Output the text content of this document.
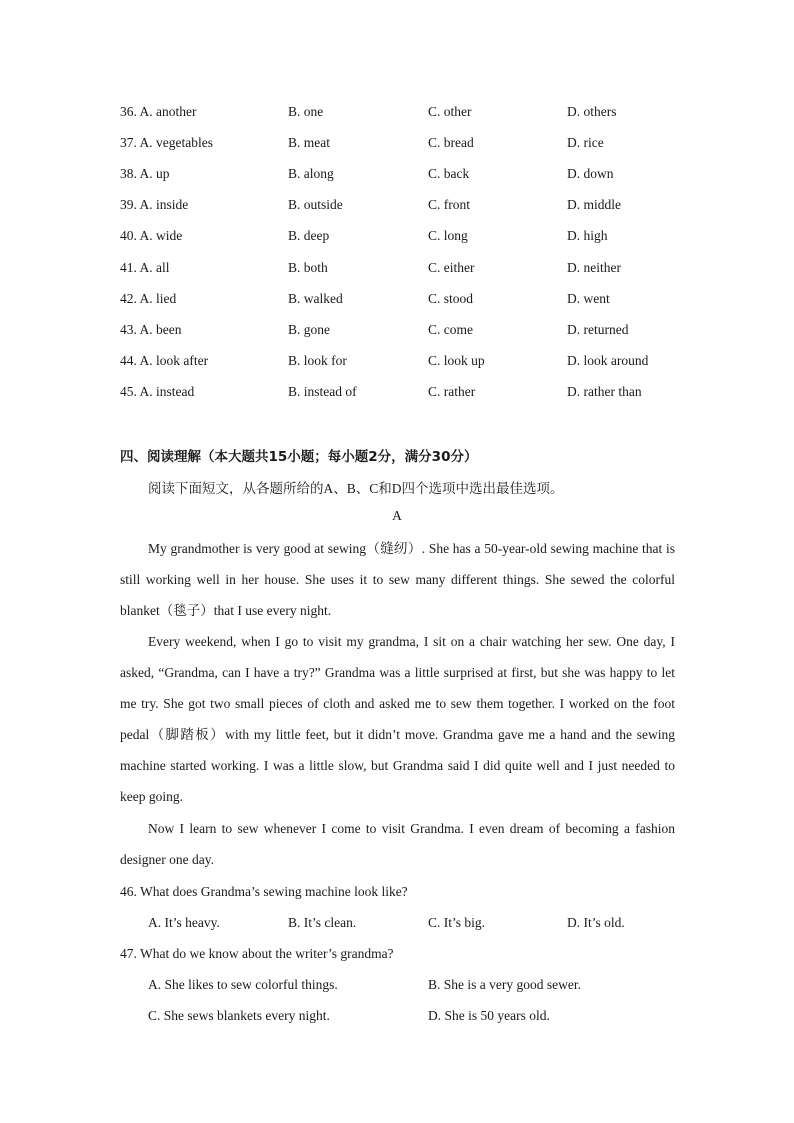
36. A. another	B. one	C. other	D. others
37. A. vegetables	B. meat	C. bread	D. rice
38. A. up	B. along	C. back	D. down
39. A. inside	B. outside	C. front	D. middle
40. A. wide	B. deep	C. long	D. high
41. A. all	B. both	C. either	D. neither
42. A. lied	B. walked	C. stood	D. went
43. A. been	B. gone	C. come	D. returned
44. A. look after	B. look for	C. look up	D. look around
45. A. instead	B. instead of	C. rather	D. rather than
四、阅读理解（本大题共15小题；每小题2分，满分30分）
阅读下面短文，从各题所给的A、B、C和D四个选项中选出最佳选项。
A

My grandmother is very good at sewing（缝纫）. She has a 50-year-old sewing machine that is still working well in her house. She uses it to sew many different things. She sewed the colorful blanket（毯子）that I use every night.

Every weekend, when I go to visit my grandma, I sit on a chair watching her sew. One day, I asked, “Grandma, can I have a try?” Grandma was a little surprised at first, but she was happy to let me try. She got two small pieces of cloth and asked me to sew them together. I worked on the foot pedal（脚踏板）with my little feet, but it didn’t move. Grandma gave me a hand and the sewing machine started working. I was a little slow, but Grandma said I did quite well and I just needed to keep going.

Now I learn to sew whenever I come to visit Grandma. I even dream of becoming a fashion designer one day.

46. What does Grandma’s sewing machine look like?
A. It’s heavy.	B. It’s clean.	C. It’s big.	D. It’s old.
47. What do we know about the writer’s grandma?
A. She likes to sew colorful things.	B. She is a very good sewer.
C. She sews blankets every night.	D. She is 50 years old.
